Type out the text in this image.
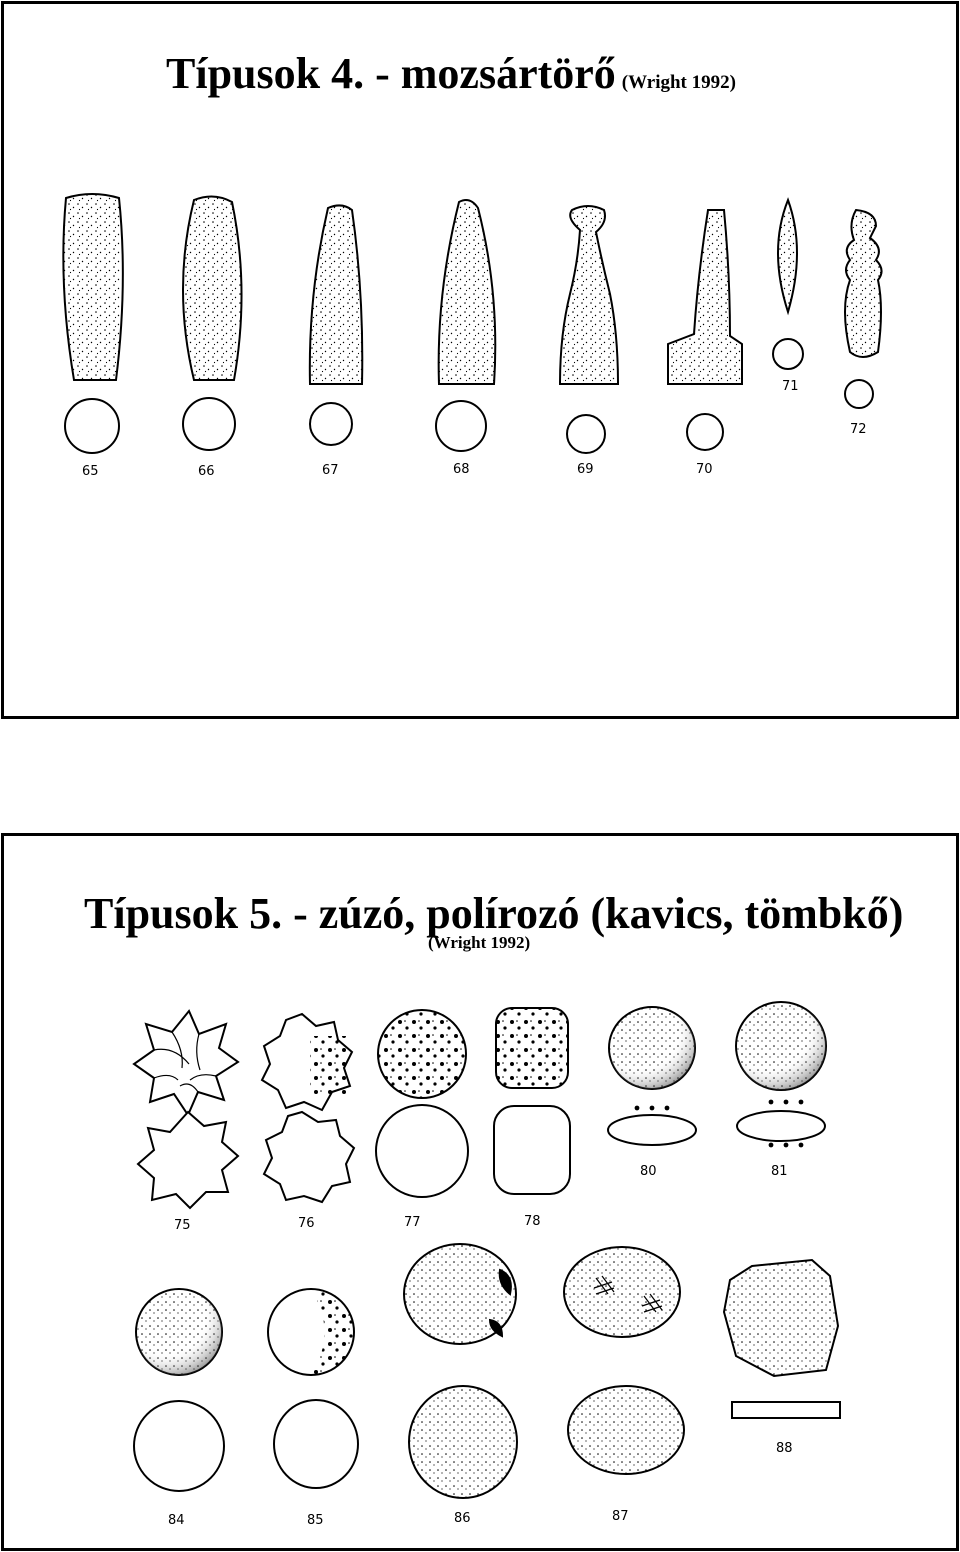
Típusok 4. - mozsártörő (Wright 1992)
65	66	67	68	69	70
71
72
Típusok 5. - zúzó, polírozó (kavics, tömbkő)
(Wright 1992)
75	76	77	78
80	81
84	85	86	87
88
